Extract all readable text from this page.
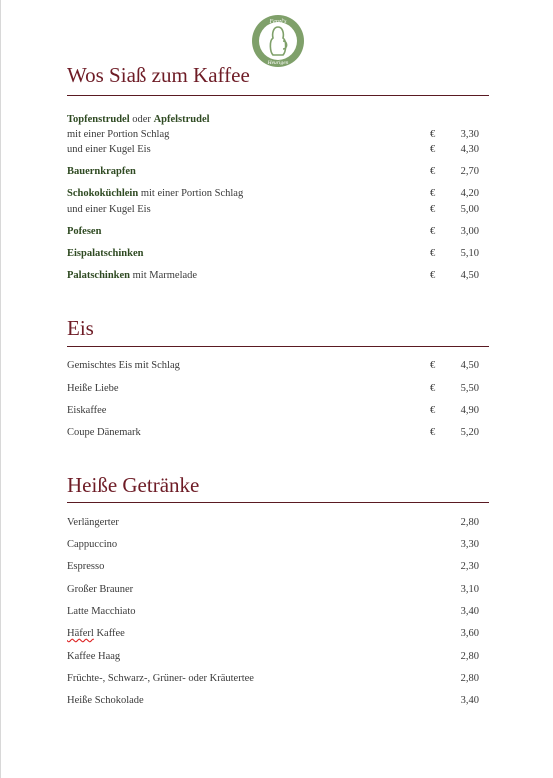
Fenzl's
Heurigen
Wos Siaß zum Kaffee
Topfenstrudel oder Apfelstrudel
mit einer Portion Schlag	€ 3,30
und einer Kugel Eis	€ 4,30
Bauernkrapfen	€ 2,70
Schokoküchlein mit einer Portion Schlag	€ 4,20
und einer Kugel Eis	€ 5,00
Pofesen	€ 3,00
Eispalatschinken	€ 5,10
Palatschinken mit Marmelade	€ 4,50
Eis
Gemischtes Eis mit Schlag	€ 4,50
Heiße Liebe	€ 5,50
Eiskaffee	€ 4,90
Coupe Dänemark	€ 5,20
Heiße Getränke
Verlängerter	2,80
Cappuccino	3,30
Espresso	2,30
Großer Brauner	3,10
Latte Macchiato	3,40
Häferl Kaffee	3,60
Kaffee Haag	2,80
Früchte-, Schwarz-, Grüner- oder Kräutertee	2,80
Heiße Schokolade	3,40
